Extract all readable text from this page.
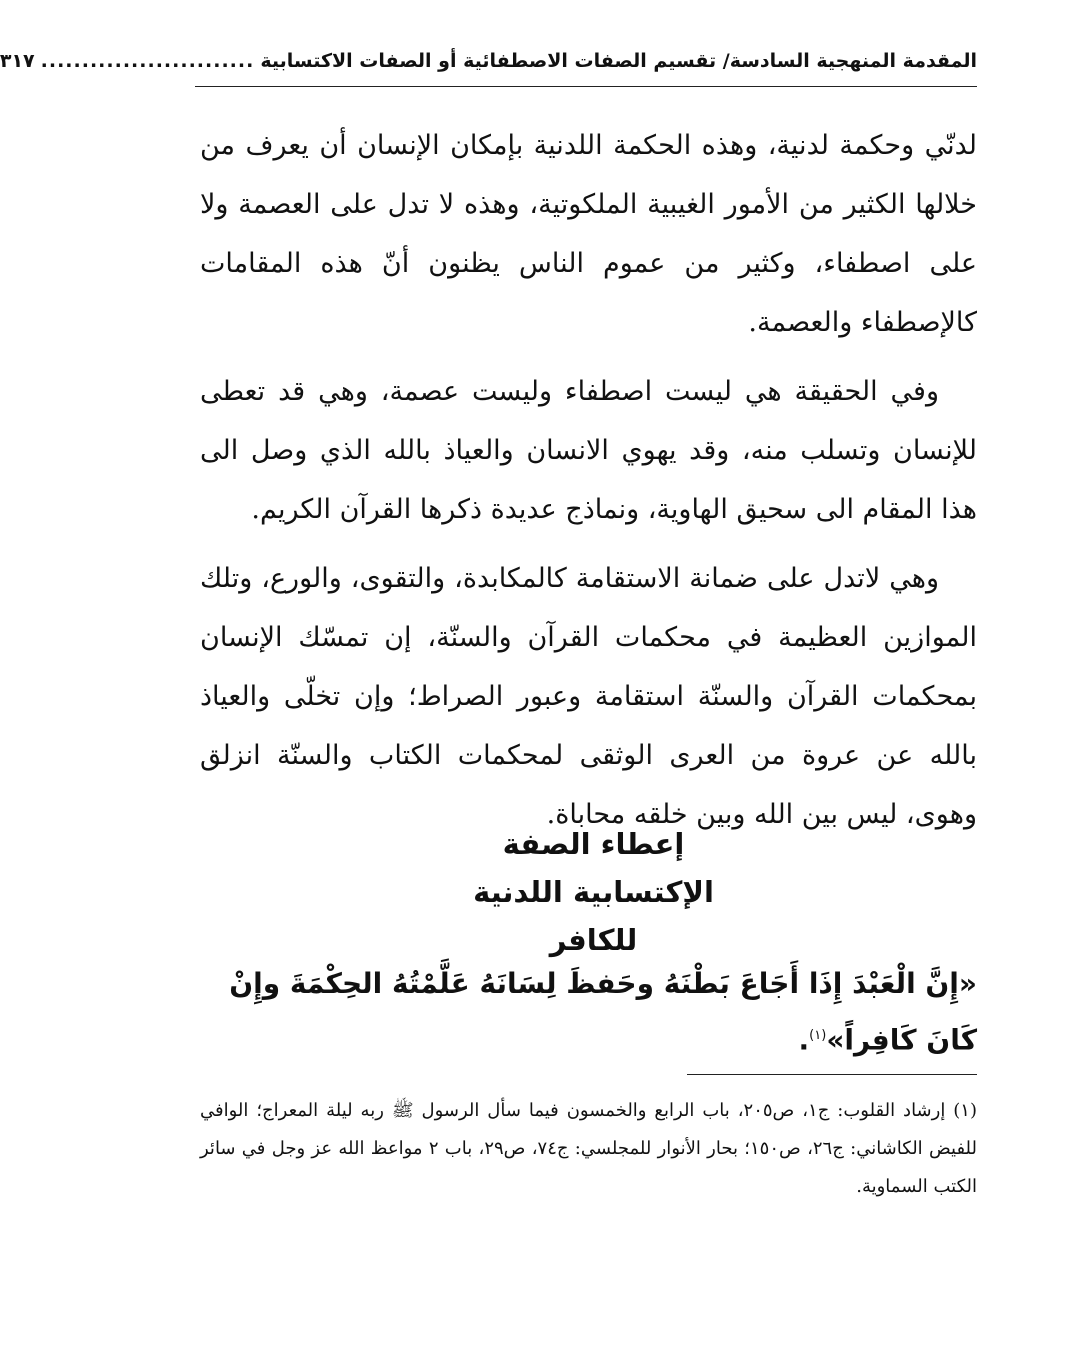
المقدمة المنهجية السادسة/ تقسيم الصفات الاصطفائية أو الصفات الاكتسابية
..........................
٣١٧

لدنّي وحكمة لدنية، وهذه الحكمة اللدنية بإمكان الإنسان أن يعرف من خلالها الكثير من الأمور الغيبية الملكوتية، وهذه لا تدل على العصمة ولا على اصطفاء، وكثير من عموم الناس يظنون أنّ هذه المقامات كالإصطفاء والعصمة.

وفي الحقيقة هي ليست اصطفاء وليست عصمة، وهي قد تعطى للإنسان وتسلب منه، وقد يهوي الانسان والعياذ بالله الذي وصل الى هذا المقام الى سحيق الهاوية، ونماذج عديدة ذكرها القرآن الكريم.

وهي لاتدل على ضمانة الاستقامة كالمكابدة، والتقوى، والورع، وتلك الموازين العظيمة في محكمات القرآن والسنّة، إن تمسّك الإنسان بمحكمات القرآن والسنّة استقامة وعبور الصراط؛ وإن تخلّى والعياذ بالله عن عروة من العرى الوثقى لمحكمات الكتاب والسنّة انزلق وهوى، ليس بين الله وبين خلقه محاباة.

إعطاء الصفة
الإكتسابية اللدنية
للكافر
«إِنَّ الْعَبْدَ إِذَا أَجَاعَ بَطْنَهُ وحَفظَ لِسَانَهُ عَلَّمْتُهُ الحِكْمَةَ وإِنْ كَانَ كَافِراً»$^{(١)}$.

(١) إرشاد القلوب: ج١، ص٢٠٥، باب الرابع والخمسون فيما سأل الرسول ﷺ ربه ليلة المعراج؛ الوافي للفيض الكاشاني: ج٢٦، ص١٥٠؛ بحار الأنوار للمجلسي: ج٧٤، ص٢٩، باب ٢ مواعظ الله عز وجل في سائر الكتب السماوية.
